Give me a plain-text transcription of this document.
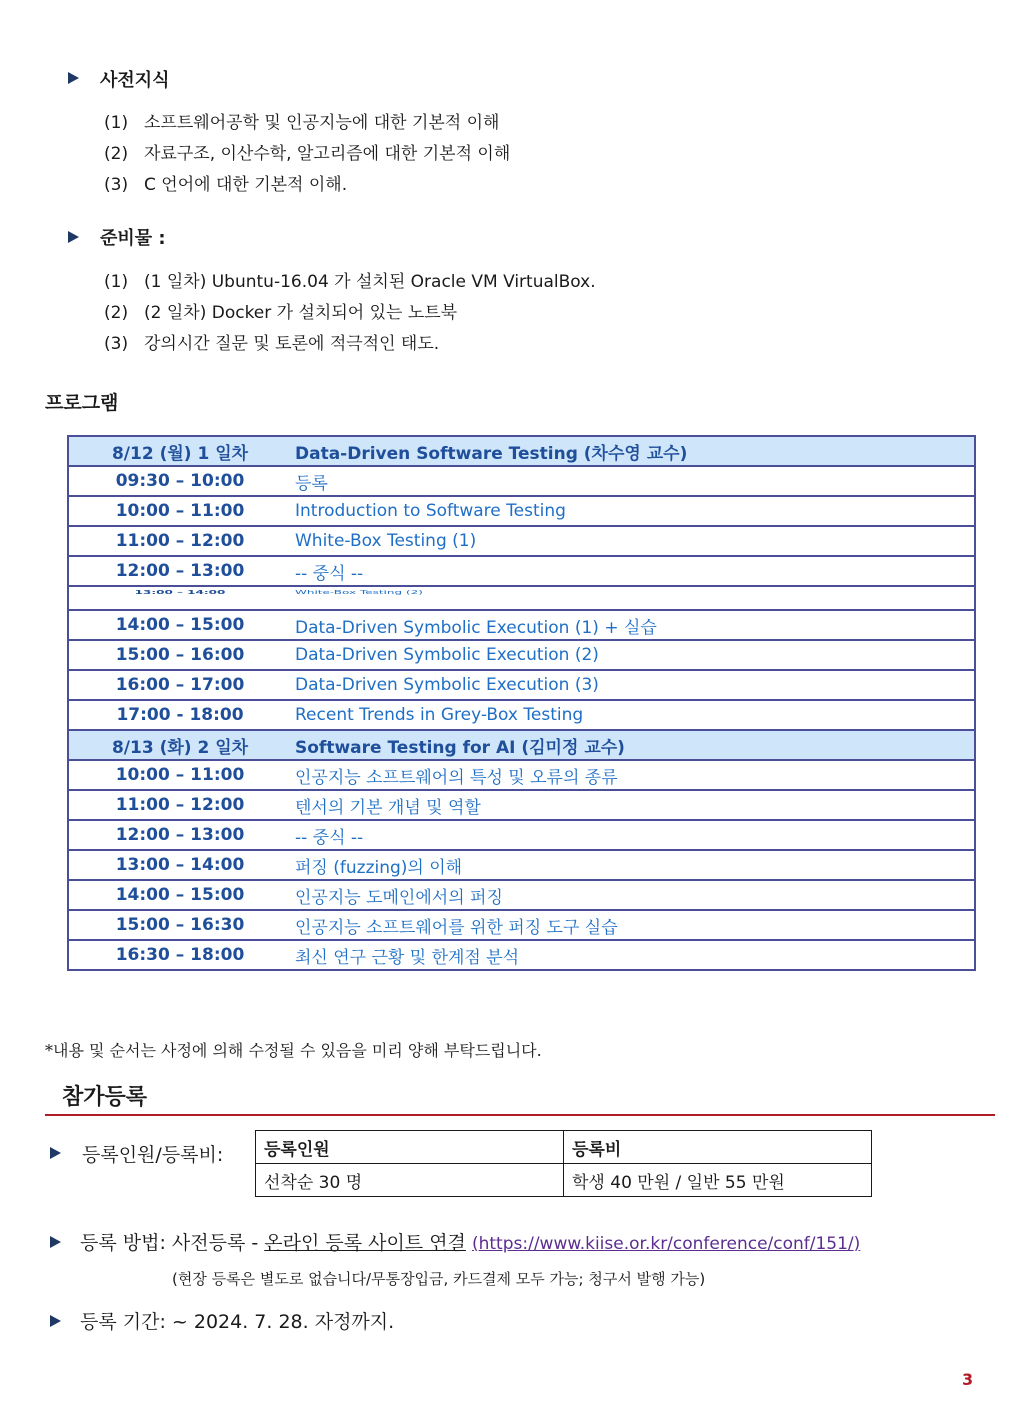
사전지식
(1) 소프트웨어공학 및 인공지능에 대한 기본적 이해
(2) 자료구조, 이산수학, 알고리즘에 대한 기본적 이해
(3) C 언어에 대한 기본적 이해.
준비물 :
(1) (1 일차) Ubuntu-16.04 가 설치된 Oracle VM VirtualBox.
(2) (2 일차) Docker 가 설치되어 있는 노트북
(3) 강의시간 질문 및 토론에 적극적인 태도.
프로그램
8/12 (월) 1 일차	Data-Driven Software Testing (차수영 교수)
09:30 – 10:00	등록
10:00 – 11:00	Introduction to Software Testing
11:00 – 12:00	White-Box Testing (1)
12:00 – 13:00	-- 중식 --
13:00 – 14:00	White-Box Testing (2)
14:00 – 15:00	Data-Driven Symbolic Execution (1) + 실습
15:00 – 16:00	Data-Driven Symbolic Execution (2)
16:00 – 17:00	Data-Driven Symbolic Execution (3)
17:00 - 18:00	Recent Trends in Grey-Box Testing
8/13 (화) 2 일차	Software Testing for AI (김미정 교수)
10:00 – 11:00	인공지능 소프트웨어의 특성 및 오류의 종류
11:00 – 12:00	텐서의 기본 개념 및 역할
12:00 – 13:00	-- 중식 --
13:00 – 14:00	퍼징 (fuzzing)의 이해
14:00 – 15:00	인공지능 도메인에서의 퍼징
15:00 – 16:30	인공지능 소프트웨어를 위한 퍼징 도구 실습
16:30 – 18:00	최신 연구 근황 및 한계점 분석
*내용 및 순서는 사정에 의해 수정될 수 있음을 미리 양해 부탁드립니다.
참가등록
등록인원/등록비: 등록인원	등록비
선착순 30 명	학생 40 만원 / 일반 55 만원
등록 방법: 사전등록 - 온라인 등록 사이트 연결 (https://www.kiise.or.kr/conference/conf/151/)
(현장 등록은 별도로 없습니다/무통장입금, 카드결제 모두 가능; 청구서 발행 가능)
등록 기간: ~ 2024. 7. 28. 자정까지.
3
